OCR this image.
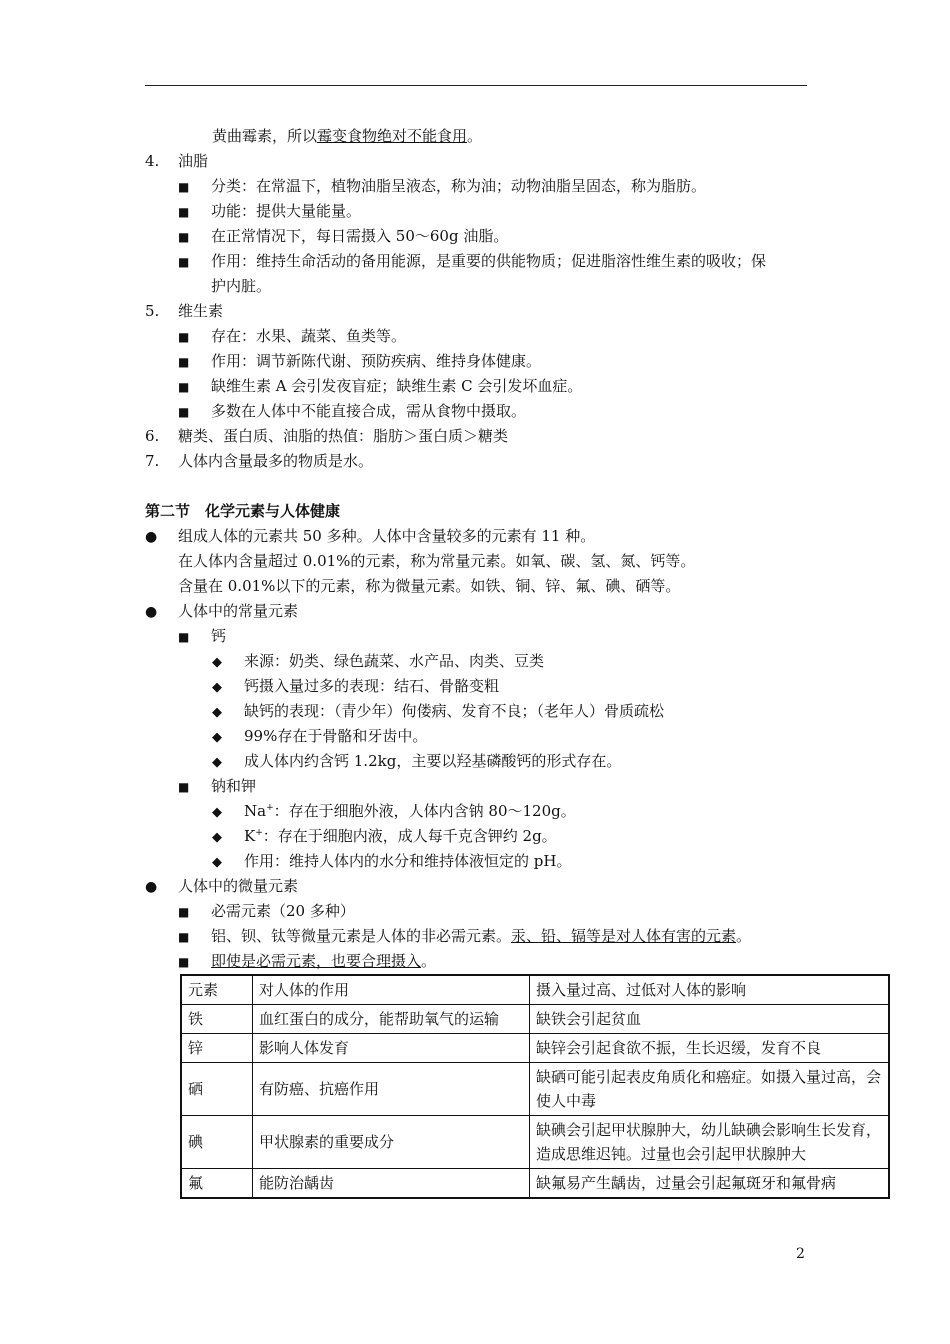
黄曲霉素，所以霉变食物绝对不能食用。
4. 油脂
■ 分类：在常温下，植物油脂呈液态，称为油；动物油脂呈固态，称为脂肪。
■ 功能：提供大量能量。
■ 在正常情况下，每日需摄入 50～60g 油脂。
■ 作用：维持生命活动的备用能源，是重要的供能物质；促进脂溶性维生素的吸收；保
护内脏。
5. 维生素
■ 存在：水果、蔬菜、鱼类等。
■ 作用：调节新陈代谢、预防疾病、维持身体健康。
■ 缺维生素 A 会引发夜盲症；缺维生素 C 会引发坏血症。
■ 多数在人体中不能直接合成，需从食物中摄取。
6. 糖类、蛋白质、油脂的热值：脂肪＞蛋白质＞糖类
7. 人体内含量最多的物质是水。
第二节　化学元素与人体健康
● 组成人体的元素共 50 多种。人体中含量较多的元素有 11 种。
在人体内含量超过 0.01%的元素，称为常量元素。如氧、碳、氢、氮、钙等。
含量在 0.01%以下的元素，称为微量元素。如铁、铜、锌、氟、碘、硒等。
● 人体中的常量元素
■ 钙
◆ 来源：奶类、绿色蔬菜、水产品、肉类、豆类
◆ 钙摄入量过多的表现：结石、骨骼变粗
◆ 缺钙的表现：（青少年）佝偻病、发育不良；（老年人）骨质疏松
◆ 99%存在于骨骼和牙齿中。
◆ 成人体内约含钙 1.2kg，主要以羟基磷酸钙的形式存在。
■ 钠和钾
◆ Na+：存在于细胞外液，人体内含钠 80～120g。
◆ K+：存在于细胞内液，成人每千克含钾约 2g。
◆ 作用：维持人体内的水分和维持体液恒定的 pH。
● 人体中的微量元素
■ 必需元素（20 多种）
■ 铝、钡、钛等微量元素是人体的非必需元素。汞、铅、镉等是对人体有害的元素。
■ 即使是必需元素，也要合理摄入。
元素	对人体的作用	摄入量过高、过低对人体的影响
铁	血红蛋白的成分，能帮助氧气的运输	缺铁会引起贫血
锌	影响人体发育	缺锌会引起食欲不振，生长迟缓，发育不良
硒	有防癌、抗癌作用	缺硒可能引起表皮角质化和癌症。如摄入量过高，会使人中毒
碘	甲状腺素的重要成分	缺碘会引起甲状腺肿大，幼儿缺碘会影响生长发育，造成思维迟钝。过量也会引起甲状腺肿大
氟	能防治龋齿	缺氟易产生龋齿，过量会引起氟斑牙和氟骨病
2
